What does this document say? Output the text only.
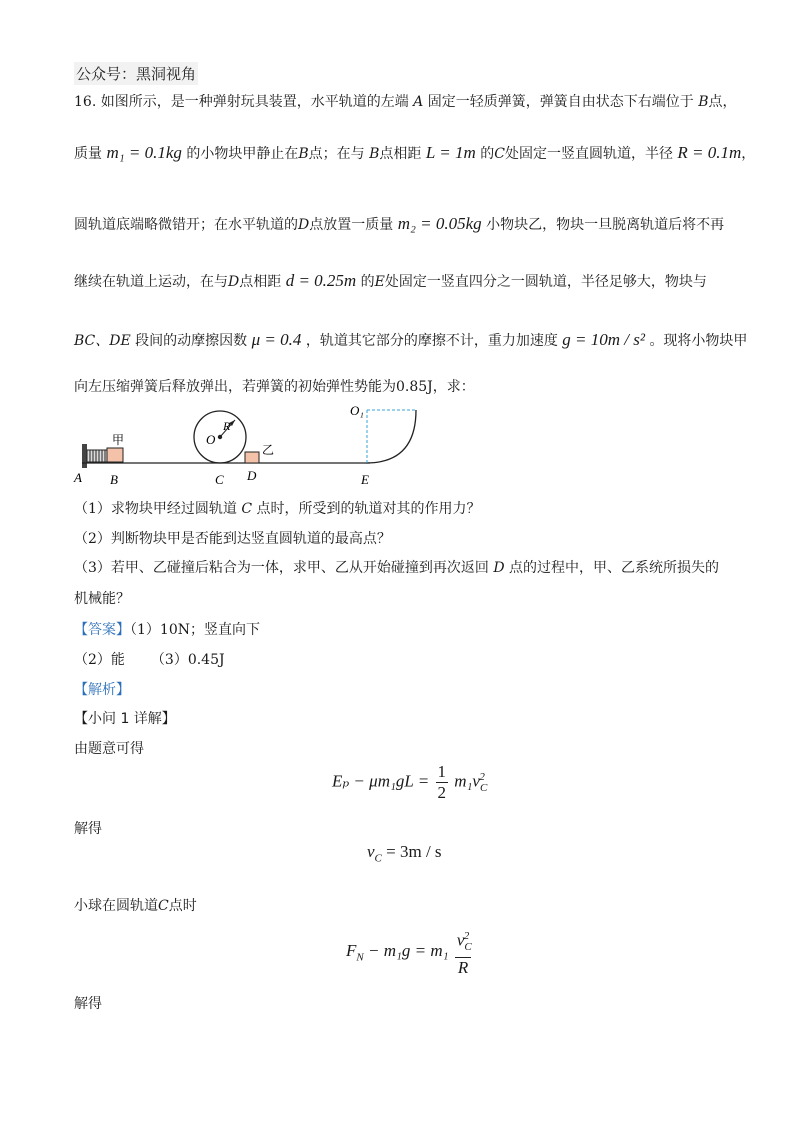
公众号：黑洞视角
16. 如图所示，是一种弹射玩具装置，水平轨道的左端 A 固定一轻质弹簧，弹簧自由状态下右端位于 B点，
质量 m₁ = 0.1kg 的小物块甲静止在B点；在与 B点相距 L = 1m 的C处固定一竖直圆轨道，半径 R = 0.1m，
圆轨道底端略微错开；在水平轨道的D点放置一质量 m₂ = 0.05kg 小物块乙，物块一旦脱离轨道后将不再
继续在轨道上运动，在与D点相距 d = 0.25m 的E处固定一竖直四分之一圆轨道，半径足够大，物块与
BC、DE 段间的动摩擦因数 μ = 0.4 ，轨道其它部分的摩擦不计，重力加速度 g = 10m / s² 。现将小物块甲
向左压缩弹簧后释放弹出，若弹簧的初始弹性势能为0.85J，求：
甲
乙
A B	C D	E
O
R
O₁
（1）求物块甲经过圆轨道 C 点时，所受到的轨道对其的作用力？
（2）判断物块甲是否能到达竖直圆轨道的最高点？
（3）若甲、乙碰撞后粘合为一体，求甲、乙从开始碰撞到再次返回 D 点的过程中，甲、乙系统所损失的
机械能？
【答案】（1）10N；竖直向下
（2）能 （3）0.45J
【解析】
【小问 1 详解】
由题意可得
$E_p - \mu m_1gL = \frac{1}{2} m_1v_C^2$
解得
$v_C = 3m / s$
小球在圆轨道C点时
$F_N - m_1g = m_1 \frac{v_C^2}{R}$
解得
